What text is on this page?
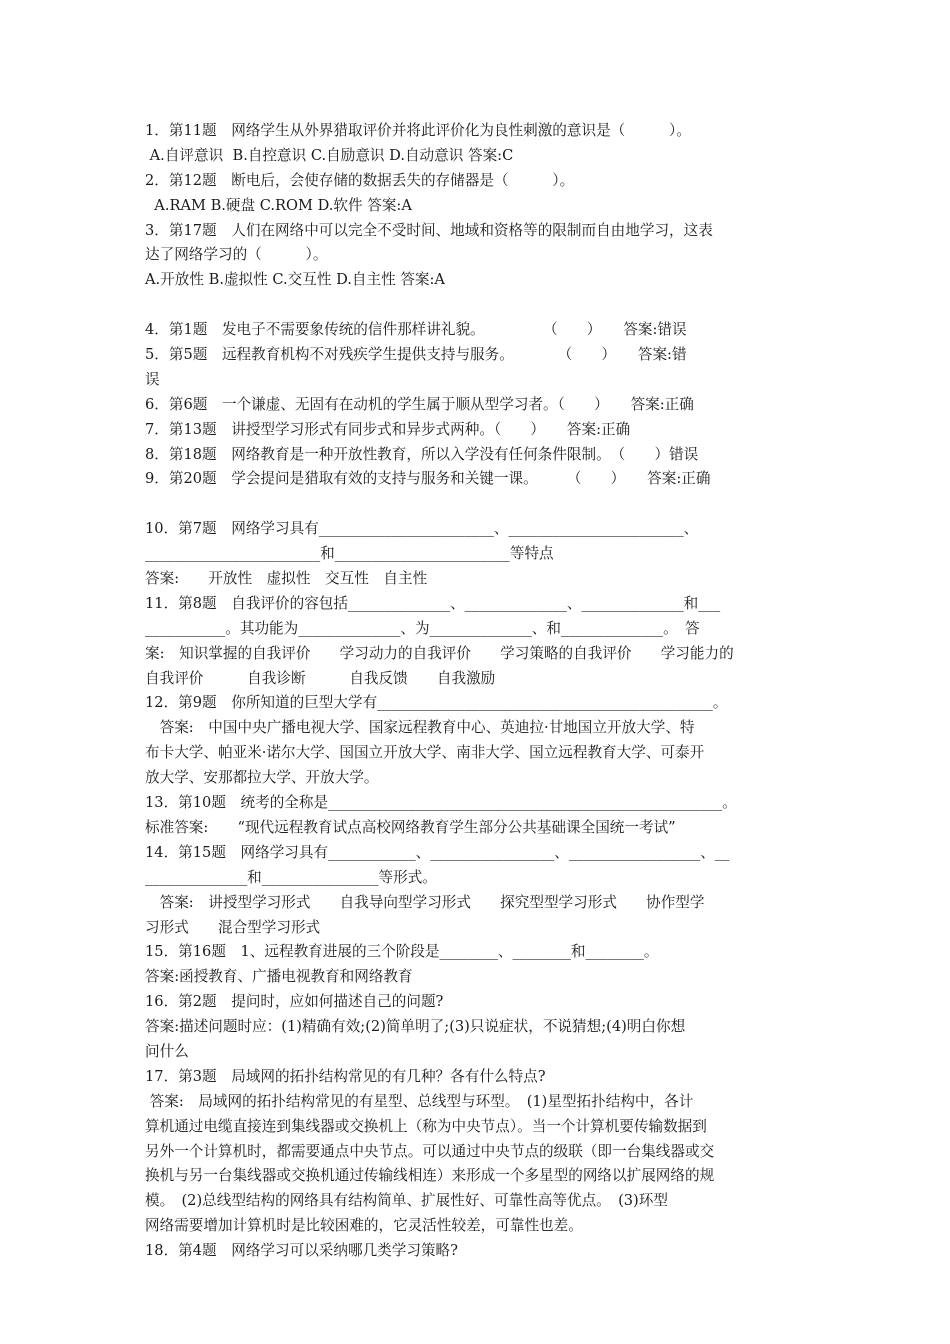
1．第11题　网络学生从外界猎取评价并将此评价化为良性刺激的意识是（　　　）。
A.自评意识  B.自控意识 C.自励意识 D.自动意识 答案:C
2．第12题　断电后，会使存储的数据丢失的存储器是（　　　）。
A.RAM B.硬盘 C.ROM D.软件 答案:A
3．第17题　人们在网络中可以完全不受时间、地域和资格等的限制而自由地学习，这表
达了网络学习的（　　　）。
A.开放性 B.虚拟性 C.交互性 D.自主性 答案:A
4．第1题　发电子不需要象传统的信件那样讲礼貌。　　　　　（　　）　　答案:错误
5．第5题　远程教育机构不对残疾学生提供支持与服务。　　　　（　　）　　答案:错
误
6．第6题　一个谦虚、无固有在动机的学生属于顺从型学习者。（　　）　　答案:正确
7．第13题　讲授型学习形式有同步式和异步式两种。（　　）　　答案:正确
8．第18题　网络教育是一种开放性教育，所以入学没有任何条件限制。　（　　）错误
9．第20题　学会提问是猎取有效的支持与服务和关键一课。　　　（　　）　　答案:正确
10．第7题　网络学习具有________________________、________________________、
________________________和________________________等特点
答案:　　开放性　虚拟性　交互性　自主性
11．第8题　自我评价的容包括______________、______________、______________和___
___________。其功能为______________、为______________、和______________。　答
案:　知识掌握的自我评价　　学习动力的自我评价　　学习策略的自我评价　　学习能力的
自我评价　　　自我诊断　　　自我反馈　　自我激励
12．第9题　你所知道的巨型大学有______________________________________________。
　答案:　中国中央广播电视大学、国家远程教育中心、英迪拉·甘地国立开放大学、特
布卡大学、帕亚米·诺尔大学、国国立开放大学、南非大学、国立远程教育大学、可泰开
放大学、安那都拉大学、开放大学。
13．第10题　统考的全称是______________________________________________________。
标准答案:　　“现代远程教育试点高校网络教育学生部分公共基础课全国统一考试”
14．第15题　网络学习具有____________、_________________、__________________、__
______________和________________等形式。
　答案:　讲授型学习形式　　自我导向型学习形式　　探究型型学习形式　　协作型学
习形式　　混合型学习形式
15．第16题　1、远程教育进展的三个阶段是________、________和________。
答案:函授教育、广播电视教育和网络教育
16．第2题　提问时，应如何描述自己的问题?
答案:描述问题时应：(1)精确有效;(2)简单明了;(3)只说症状，不说猜想;(4)明白你想
问什么
17．第3题　局域网的拓扑结构常见的有几种？各有什么特点?
答案:　局域网的拓扑结构常见的有星型、总线型与环型。　(1)星型拓扑结构中，各计
算机通过电缆直接连到集线器或交换机上（称为中央节点）。当一个计算机要传输数据到
另外一个计算机时，都需要通点中央节点。可以通过中央节点的级联（即一台集线器或交
换机与另一台集线器或交换机通过传输线相连）来形成一个多星型的网络以扩展网络的规
模。　(2)总线型结构的网络具有结构简单、扩展性好、可靠性高等优点。　(3)环型
网络需要增加计算机时是比较困难的，它灵活性较差，可靠性也差。
18．第4题　网络学习可以采纳哪几类学习策略?
